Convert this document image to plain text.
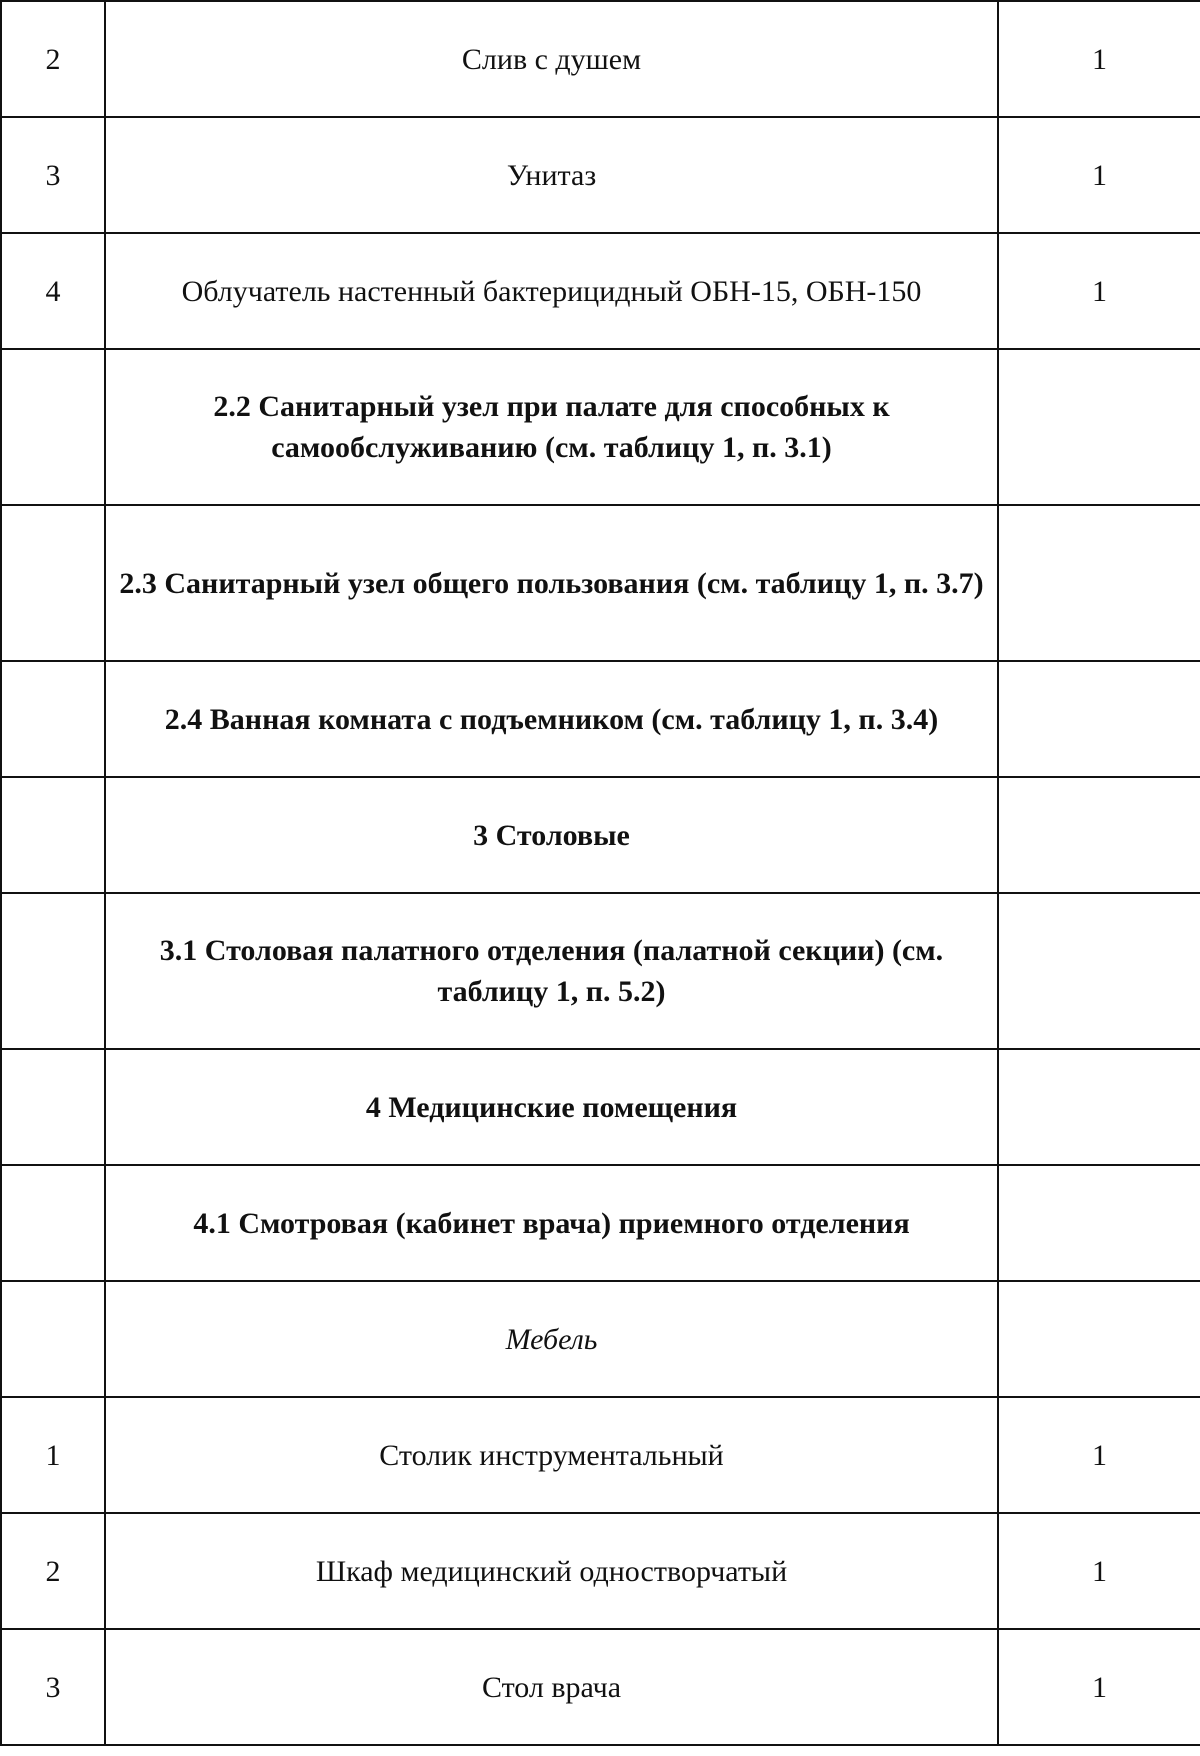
2	Слив с душем	1
3	Унитаз	1
4	Облучатель настенный бактерицидный ОБН-15, ОБН-150	1
	2.2 Санитарный узел при палате для способных к самообслуживанию (см. таблицу 1, п. 3.1)	
	2.3 Санитарный узел общего пользования (см. таблицу 1, п. 3.7)	
	2.4 Ванная комната с подъемником (см. таблицу 1, п. 3.4)	
	3 Столовые	
	3.1 Столовая палатного отделения (палатной секции) (см. таблицу 1, п. 5.2)	
	4 Медицинские помещения	
	4.1 Смотровая (кабинет врача) приемного отделения	
	Мебель	
1	Столик инструментальный	1
2	Шкаф медицинский одностворчатый	1
3	Стол врача	1
